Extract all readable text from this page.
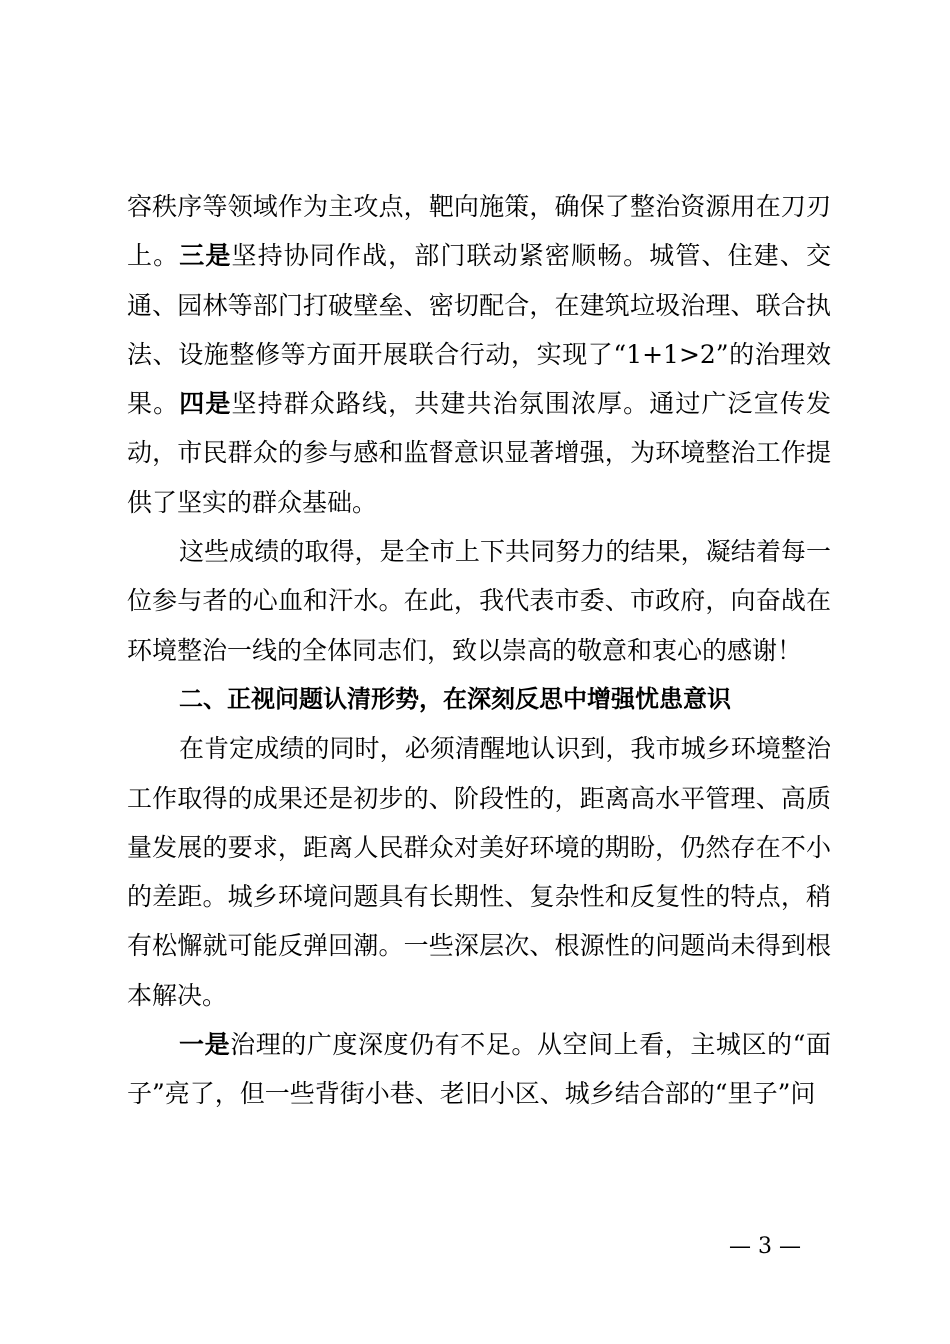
容秩序等领域作为主攻点，靶向施策，确保了整治资源用在刀刃上。三是坚持协同作战，部门联动紧密顺畅。城管、住建、交通、园林等部门打破壁垒、密切配合，在建筑垃圾治理、联合执法、设施整修等方面开展联合行动，实现了“1+1>2”的治理效果。四是坚持群众路线，共建共治氛围浓厚。通过广泛宣传发动，市民群众的参与感和监督意识显著增强，为环境整治工作提供了坚实的群众基础。

这些成绩的取得，是全市上下共同努力的结果，凝结着每一位参与者的心血和汗水。在此，我代表市委、市政府，向奋战在环境整治一线的全体同志们，致以崇高的敬意和衷心的感谢！

二、正视问题认清形势，在深刻反思中增强忧患意识

在肯定成绩的同时，必须清醒地认识到，我市城乡环境整治工作取得的成果还是初步的、阶段性的，距离高水平管理、高质量发展的要求，距离人民群众对美好环境的期盼，仍然存在不小的差距。城乡环境问题具有长期性、复杂性和反复性的特点，稍有松懈就可能反弹回潮。一些深层次、根源性的问题尚未得到根本解决。

一是治理的广度深度仍有不足。从空间上看，主城区的“面子”亮了，但一些背街小巷、老旧小区、城乡结合部的“里子”问

— 3 —
